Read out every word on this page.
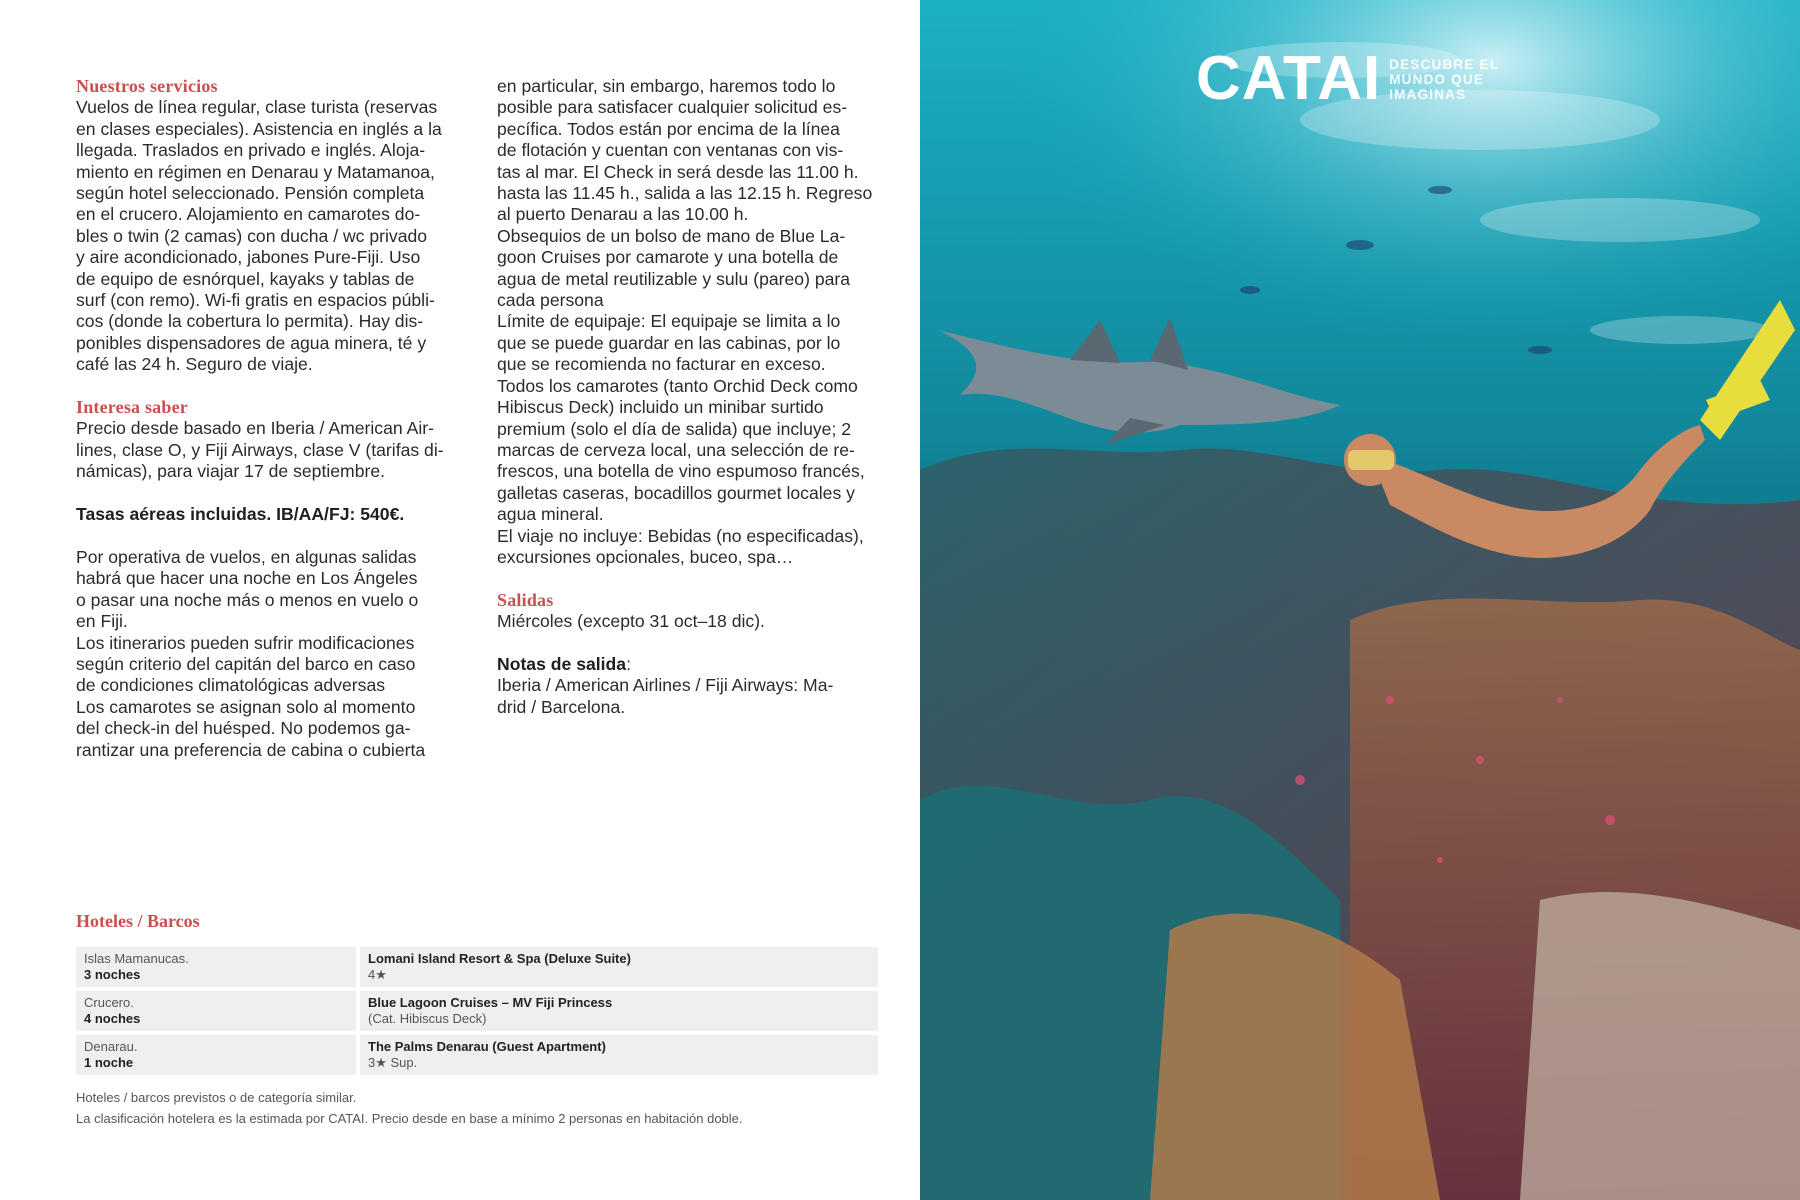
Nuestros servicios

Vuelos de línea regular, clase turista (reservas

en clases especiales). Asistencia en inglés a la

llegada. Traslados en privado e inglés. Aloja-

miento en régimen en Denarau y Matamanoa,

según hotel seleccionado. Pensión completa

en el crucero. Alojamiento en camarotes do-

bles o twin (2 camas) con ducha / wc privado

y aire acondicionado, jabones Pure-Fiji. Uso

de equipo de esnórquel, kayaks y tablas de

surf (con remo). Wi-fi gratis en espacios públi-

cos (donde la cobertura lo permita). Hay dis-

ponibles dispensadores de agua minera, té y

café las 24 h. Seguro de viaje.

Interesa saber

Precio desde basado en Iberia / American Air-

lines, clase O, y Fiji Airways, clase V (tarifas di-

námicas), para viajar 17 de septiembre.

Tasas aéreas incluidas. IB/AA/FJ: 540€.

Por operativa de vuelos, en algunas salidas

habrá que hacer una noche en Los Ángeles

o pasar una noche más o menos en vuelo o

en Fiji.

Los itinerarios pueden sufrir modificaciones

según criterio del capitán del barco en caso

de condiciones climatológicas adversas

Los camarotes se asignan solo al momento

del check-in del huésped. No podemos ga-

rantizar una preferencia de cabina o cubierta

en particular, sin embargo, haremos todo lo

posible para satisfacer cualquier solicitud es-

pecífica. Todos están por encima de la línea

de flotación y cuentan con ventanas con vis-

tas al mar. El Check in será desde las 11.00 h.

hasta las 11.45 h., salida a las 12.15 h. Regreso

al puerto Denarau a las 10.00 h.

Obsequios de un bolso de mano de Blue La-

goon Cruises por camarote y una botella de

agua de metal reutilizable y sulu (pareo) para

cada persona

Límite de equipaje: El equipaje se limita a lo

que se puede guardar en las cabinas, por lo

que se recomienda no facturar en exceso.

Todos los camarotes (tanto Orchid Deck como

Hibiscus Deck) incluido un minibar surtido

premium (solo el día de salida) que incluye; 2

marcas de cerveza local, una selección de re-

frescos, una botella de vino espumoso francés,

galletas caseras, bocadillos gourmet locales y

agua mineral.

El viaje no incluye: Bebidas (no especificadas),

excursiones opcionales, buceo, spa…

Salidas

Miércoles (excepto 31 oct–18 dic).

Notas de salida:

Iberia / American Airlines / Fiji Airways: Ma-

drid / Barcelona.

Hoteles / Barcos
Islas Mamanucas.
3 noches
Lomani Island Resort & Spa (Deluxe Suite)
4★
Crucero.
4 noches
Blue Lagoon Cruises – MV Fiji Princess
(Cat. Hibiscus Deck)
Denarau.
1 noche
The Palms Denarau (Guest Apartment)
3★ Sup.
Hoteles / barcos previstos o de categoría similar.
La clasificación hotelera es la estimada por CATAI. Precio desde en base a mínimo 2 personas en habitación doble.
CATAI DESCUBRE EL
MUNDO QUE
IMAGINAS
